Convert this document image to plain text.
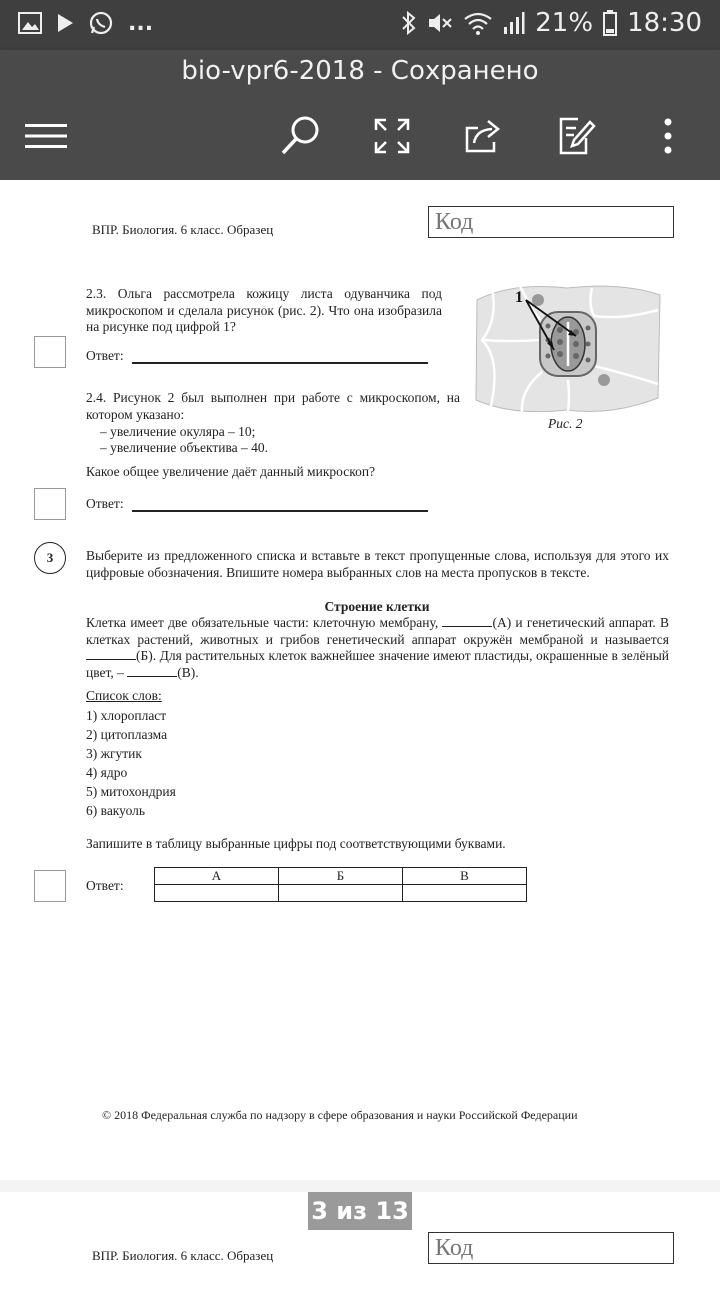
...	21% 18:30
bio-vpr6-2018 - Сохранено
ВПР. Биология. 6 класс. Образец	Код
2.3. Ольга рассмотрела кожицу листа одуванчика под микроскопом и сделала рисунок (рис. 2). Что она изобразила на рисунке под цифрой 1?
Ответ:
1
Рис. 2
2.4. Рисунок 2 был выполнен при работе с микроскопом, на котором указано:
– увеличение окуляра – 10;
– увеличение объектива – 40.
Какое общее увеличение даёт данный микроскоп?
Ответ:
3	Выберите из предложенного списка и вставьте в текст пропущенные слова, используя для этого их цифровые обозначения. Впишите номера выбранных слов на места пропусков в тексте.
Строение клетки
Клетка имеет две обязательные части: клеточную мембрану,	(А) и генетический аппарат. В клетках растений, животных и грибов генетический аппарат окружён мембраной и называется (Б). Для растительных клеток важнейшее значение имеют пластиды, окрашенные в зелёный цвет, –	(В).
Список слов:
1) хлоропласт
2) цитоплазма
3) жгутик
4) ядро
5) митохондрия
6) вакуоль
Запишите в таблицу выбранные цифры под соответствующими буквами.
Ответ:
А	Б	В

© 2018 Федеральная служба по надзору в сфере образования и науки Российской Федерации
ВПР. Биология. 6 класс. Образец	Код
3 из 13
